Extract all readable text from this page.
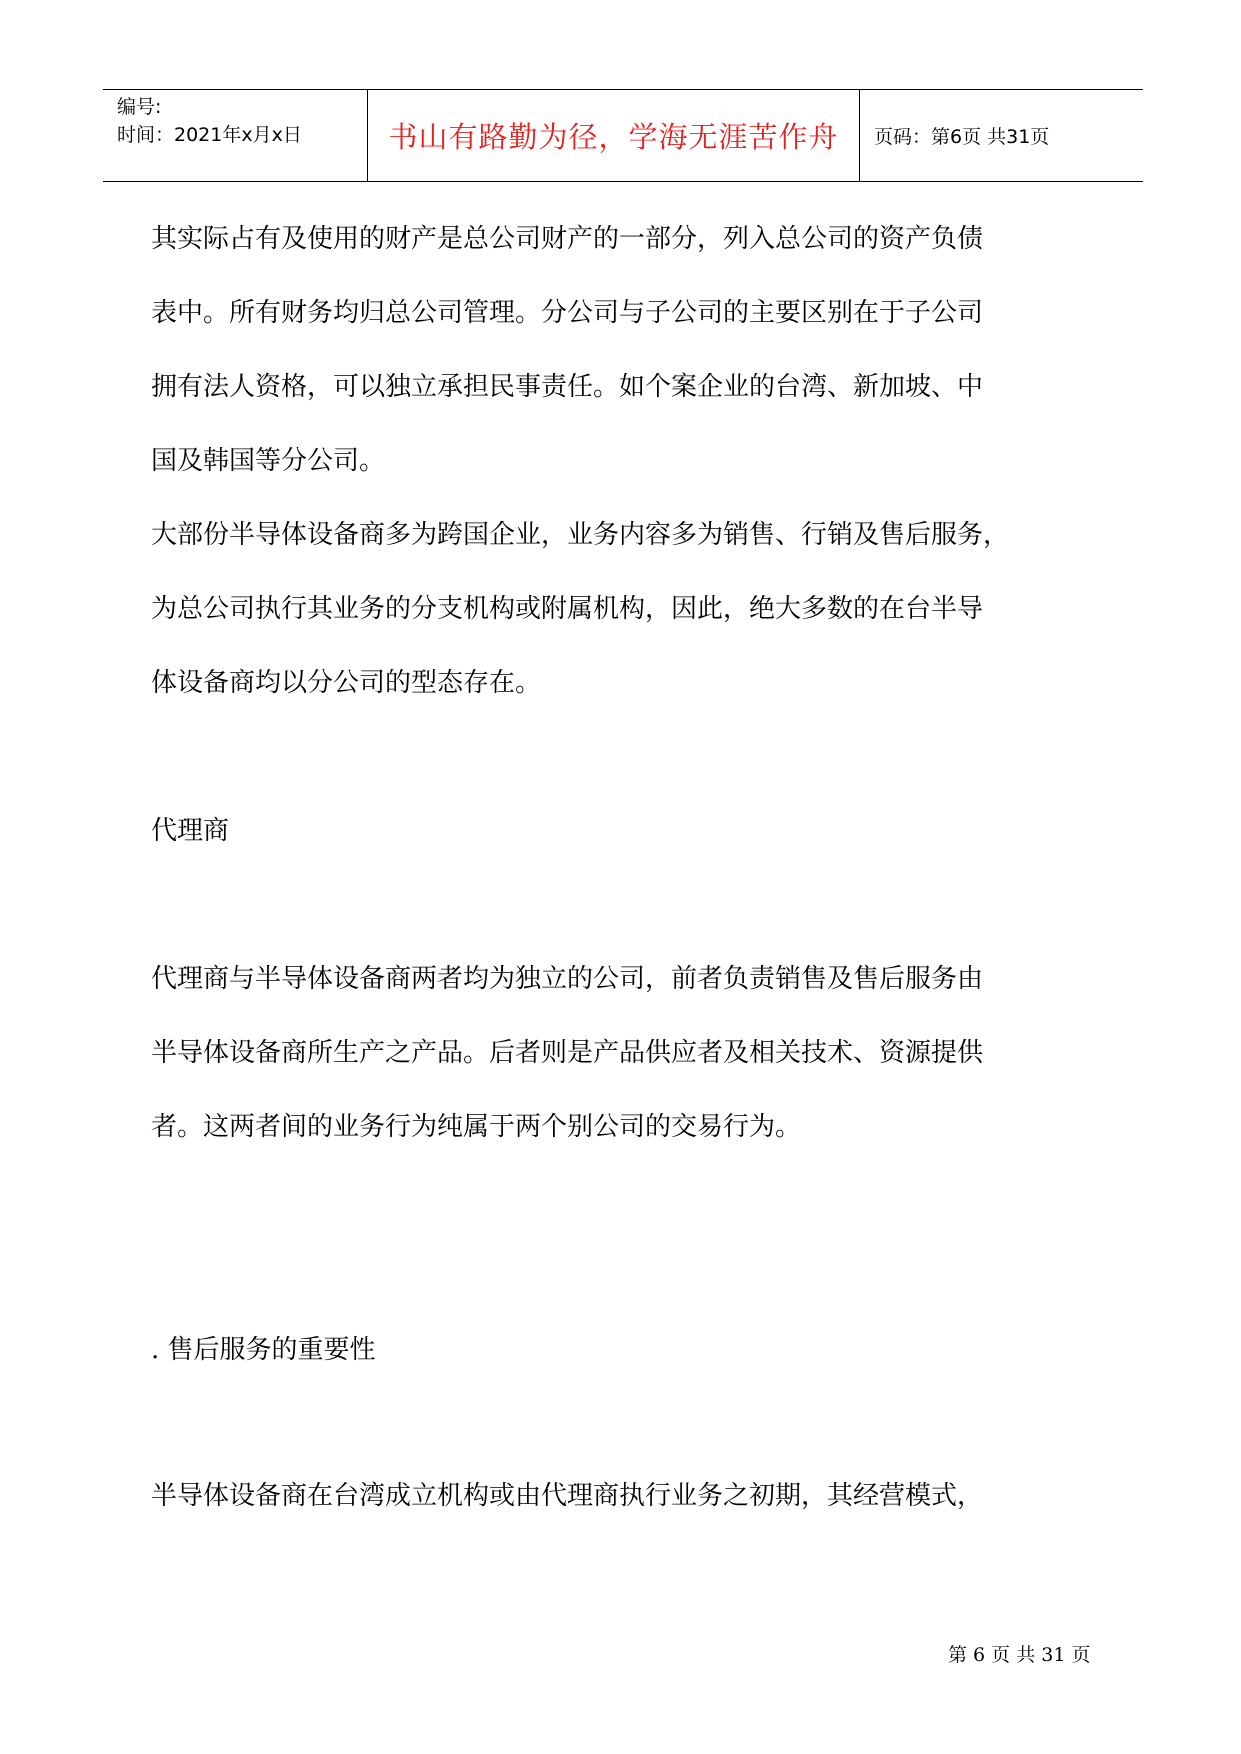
编号:
时间：2021年x月x日	书山有路勤为径，学海无涯苦作舟 页码：第6页 共31页
其实际占有及使用的财产是总公司财产的一部分，列入总公司的资产负债
表中。所有财务均归总公司管理。分公司与子公司的主要区别在于子公司
拥有法人资格，可以独立承担民事责任。如个案企业的台湾、新加坡、中
国及韩国等分公司。
大部份半导体设备商多为跨国企业，业务内容多为销售、行销及售后服务，
为总公司执行其业务的分支机构或附属机构，因此，绝大多数的在台半导
体设备商均以分公司的型态存在。
代理商
代理商与半导体设备商两者均为独立的公司，前者负责销售及售后服务由
半导体设备商所生产之产品。后者则是产品供应者及相关技术、资源提供
者。这两者间的业务行为纯属于两个别公司的交易行为。
. 售后服务的重要性
半导体设备商在台湾成立机构或由代理商执行业务之初期，其经营模式，
第 6 页 共 31 页
